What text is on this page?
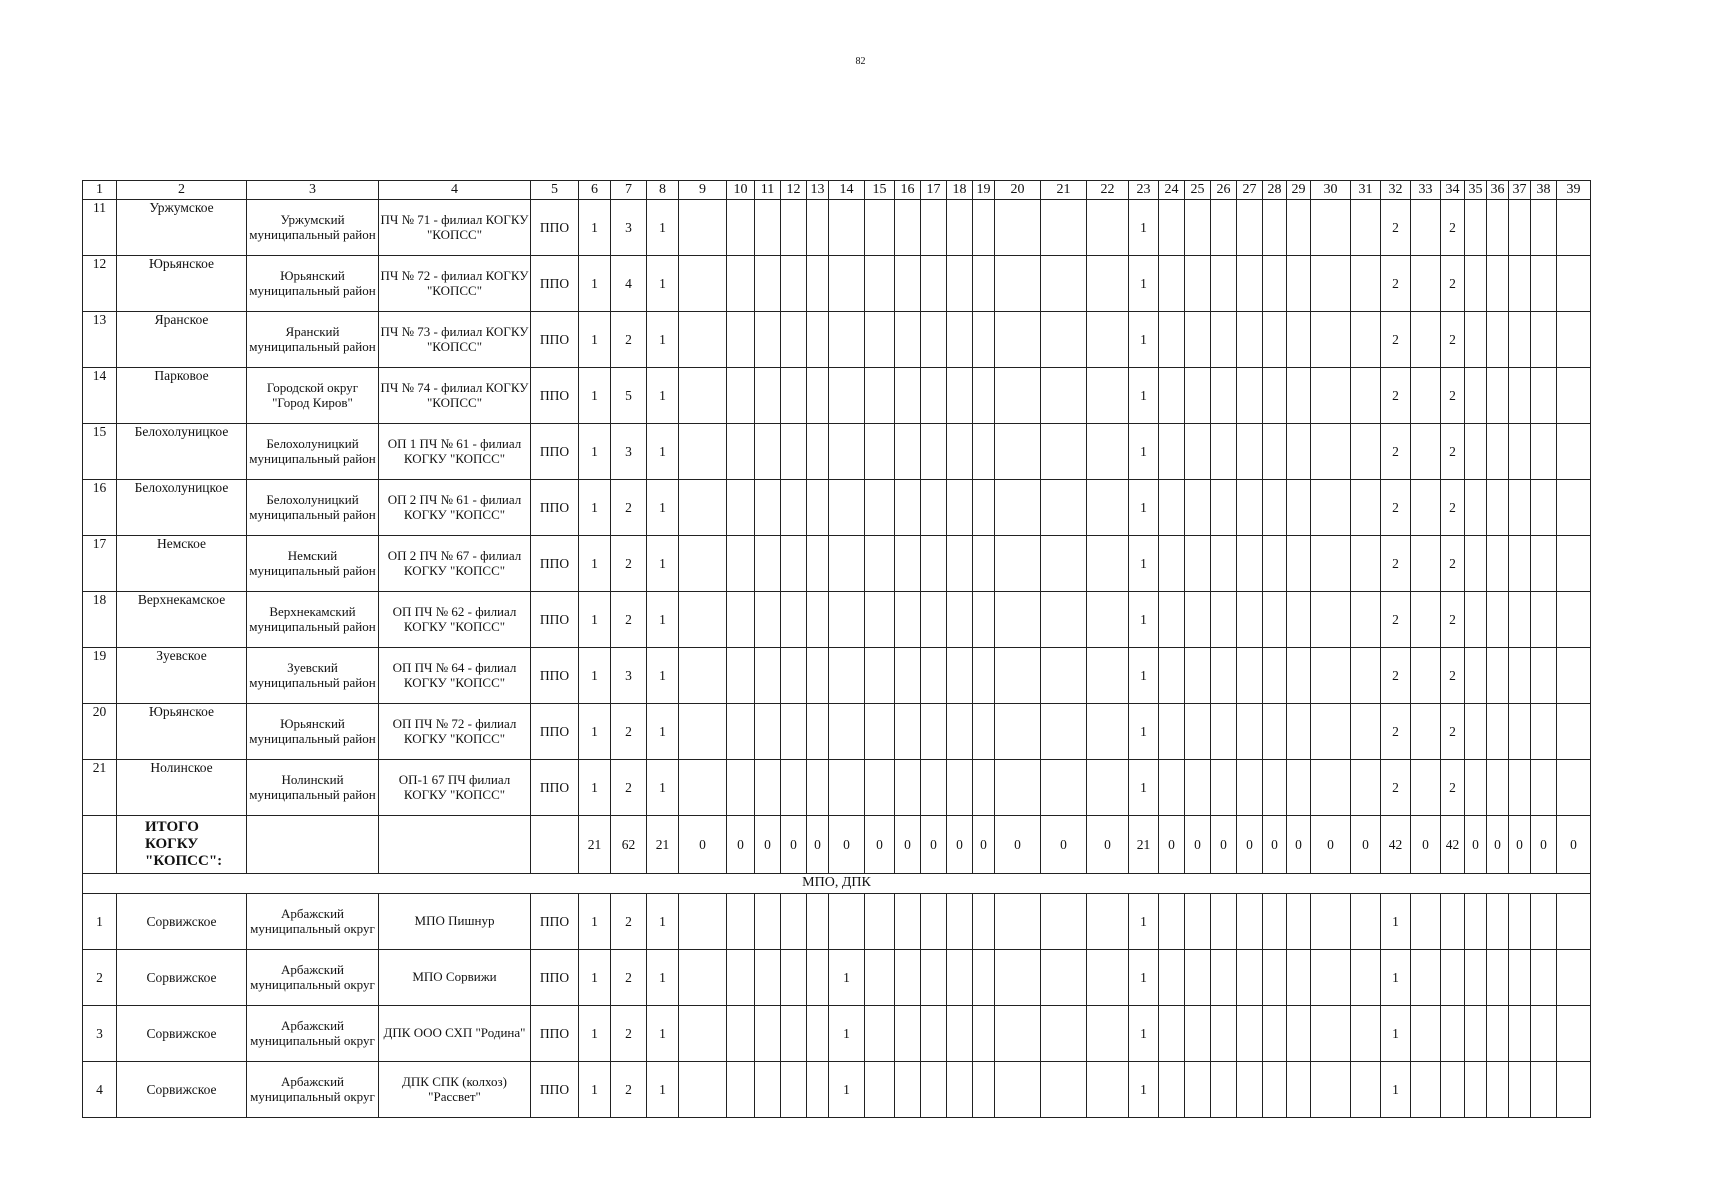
82
1	2	3	4	5	6	7	8	9	10	11	12	13	14	15	16	17	18	19	20	21	22	23	24	25	26	27	28	29	30	31	32	33	34	35	36	37	38	39
11	Уржумское	Уржумский муниципальный район	ПЧ № 71 - филиал КОГКУ "КОПСС"	ППО	1	3	1															1									2		2					
12	Юрьянское	Юрьянский муниципальный район	ПЧ № 72 - филиал КОГКУ "КОПСС"	ППО	1	4	1															1									2		2					
13	Яранское	Яранский муниципальный район	ПЧ № 73 - филиал КОГКУ "КОПСС"	ППО	1	2	1															1									2		2					
14	Парковое	Городской округ "Город Киров"	ПЧ № 74 - филиал КОГКУ "КОПСС"	ППО	1	5	1															1									2		2					
15	Белохолуницкое	Белохолуницкий муниципальный район	ОП 1 ПЧ № 61 - филиал КОГКУ "КОПСС"	ППО	1	3	1															1									2		2					
16	Белохолуницкое	Белохолуницкий муниципальный район	ОП 2 ПЧ № 61 - филиал КОГКУ "КОПСС"	ППО	1	2	1															1									2		2					
17	Немское	Немский муниципальный район	ОП 2 ПЧ № 67 - филиал КОГКУ "КОПСС"	ППО	1	2	1															1									2		2					
18	Верхнекамское	Верхнекамский муниципальный район	ОП ПЧ № 62 - филиал КОГКУ "КОПСС"	ППО	1	2	1															1									2		2					
19	Зуевское	Зуевский муниципальный район	ОП ПЧ № 64 - филиал КОГКУ "КОПСС"	ППО	1	3	1															1									2		2					
20	Юрьянское	Юрьянский муниципальный район	ОП ПЧ № 72 - филиал КОГКУ "КОПСС"	ППО	1	2	1															1									2		2					
21	Нолинское	Нолинский муниципальный район	ОП-1 67 ПЧ филиал КОГКУ "КОПСС"	ППО	1	2	1															1									2		2					
	ИТОГО КОГКУ "КОПСС":				21	62	21	0	0	0	0	0	0	0	0	0	0	0	0	0	0	21	0	0	0	0	0	0	0	0	42	0	42	0	0	0	0	0
МПО, ДПК																																						
1	Сорвижское	Арбажский муниципальный округ	МПО Пишнур	ППО	1	2	1															1									1							
2	Сорвижское	Арбажский муниципальный округ	МПО Сорвижи	ППО	1	2	1						1									1									1							
3	Сорвижское	Арбажский муниципальный округ	ДПК ООО СХП "Родина"	ППО	1	2	1						1									1									1							
4	Сорвижское	Арбажский муниципальный округ	ДПК СПК (колхоз) "Рассвет"	ППО	1	2	1						1									1									1							
